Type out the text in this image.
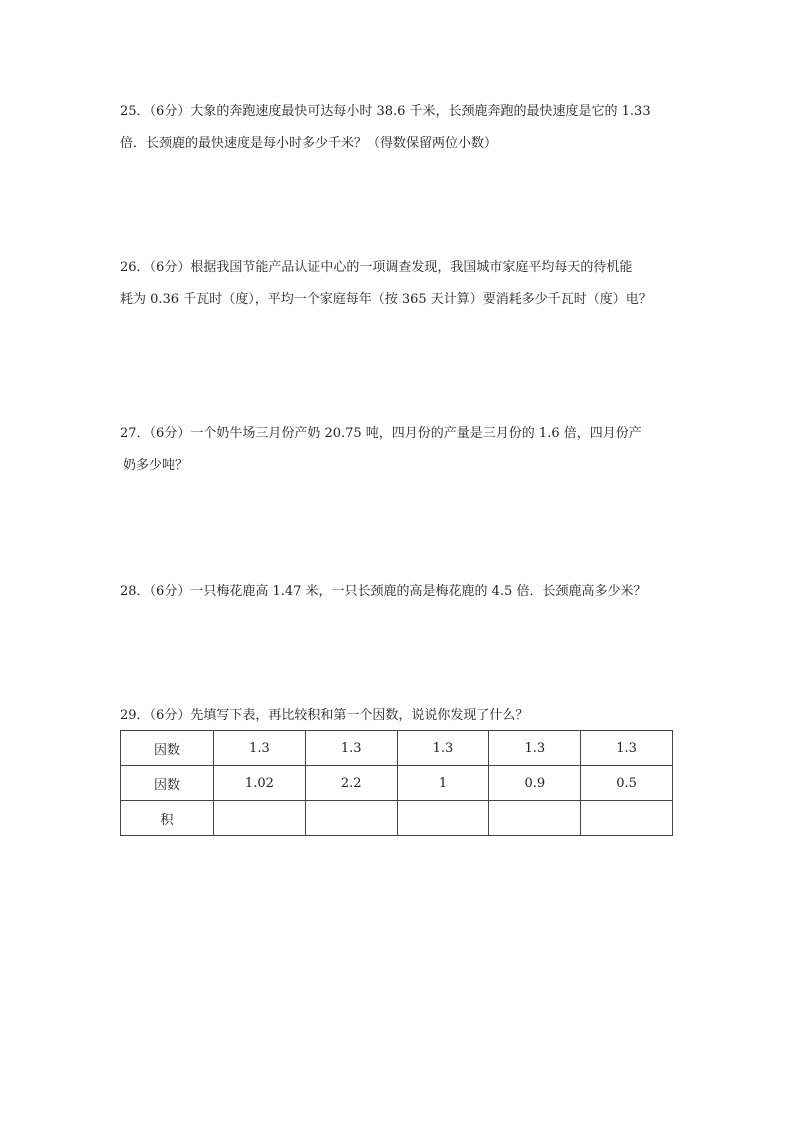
25．（6分）大象的奔跑速度最快可达每小时 38.6 千米，长颈鹿奔跑的最快速度是它的 1.33

倍．长颈鹿的最快速度是每小时多少千米？（得数保留两位小数）

26．（6分）根据我国节能产品认证中心的一项调查发现，我国城市家庭平均每天的待机能

耗为 0.36 千瓦时（度），平均一个家庭每年（按 365 天计算）要消耗多少千瓦时（度）电？

27．（6分）一个奶牛场三月份产奶 20.75 吨，四月份的产量是三月份的 1.6 倍，四月份产

奶多少吨？

28．（6分）一只梅花鹿高 1.47 米，一只长颈鹿的高是梅花鹿的 4.5 倍．长颈鹿高多少米？

29．（6分）先填写下表，再比较积和第一个因数，说说你发现了什么？

因数	1.3	1.3	1.3	1.3	1.3
因数	1.02	2.2	1	0.9	0.5
积					
